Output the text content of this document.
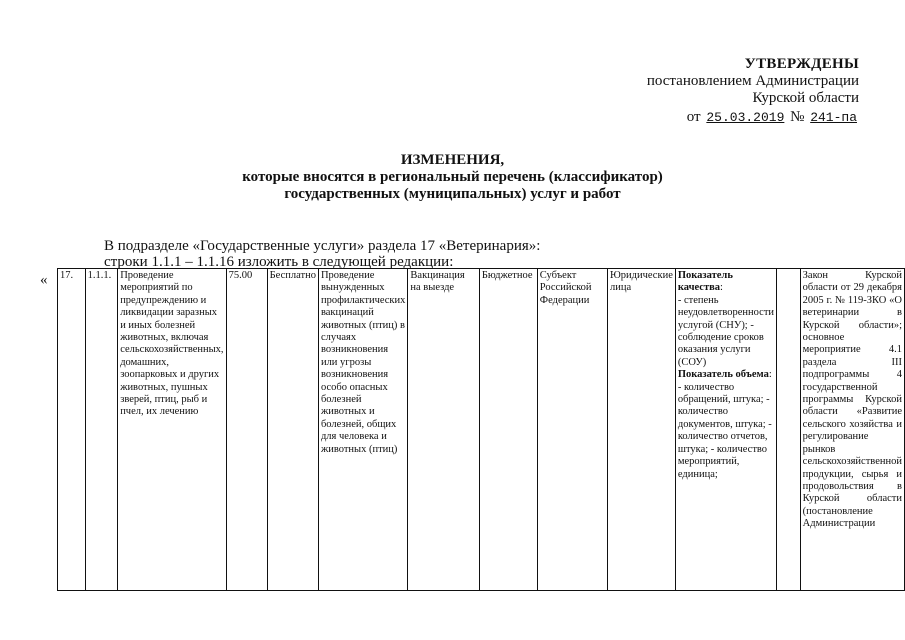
УТВЕРЖДЕНЫ
постановлением Администрации
Курской области
от 25.03.2019 № 241-па
ИЗМЕНЕНИЯ,
которые вносятся в региональный перечень (классификатор)
государственных (муниципальных) услуг и работ
В подразделе «Государственные услуги» раздела 17 «Ветеринария»:
строки 1.1.1 – 1.1.16 изложить в следующей редакции:
« 17.	1.1.1.	Проведение мероприятий по предупреждению и ликвидации заразных и иных болезней животных, включая сельскохозяйственных, домашних, зоопарковых и других животных, пушных зверей, птиц, рыб и пчел, их лечению	75.00	Бесплатно	Проведение вынужденных профилактических вакцинаций животных (птиц) в случаях возникновения или угрозы возникновения особо опасных болезней животных и болезней, общих для человека и животных (птиц)	Вакцинация на выезде	Бюджетное	Субъект Российской Федерации	Юридические лица	Показатель качества:
- степень неудовлетворенности услугой (СНУ); - соблюдение сроков оказания услуги (СОУ)
Показатель объема:
- количество обращений, штука; - количество документов, штука; - количество отчетов, штука; - количество мероприятий, единица;
		Закон Курской области от 29 декабря 2005 г. № 119-ЗКО «О ветеринарии в Курской области»; основное мероприятие 4.1 раздела III подпрограммы 4 государственной программы Курской области «Развитие сельского хозяйства и регулирование рынков сельскохозяйственной продукции, сырья и продовольствия в Курской области (постановление Администрации
